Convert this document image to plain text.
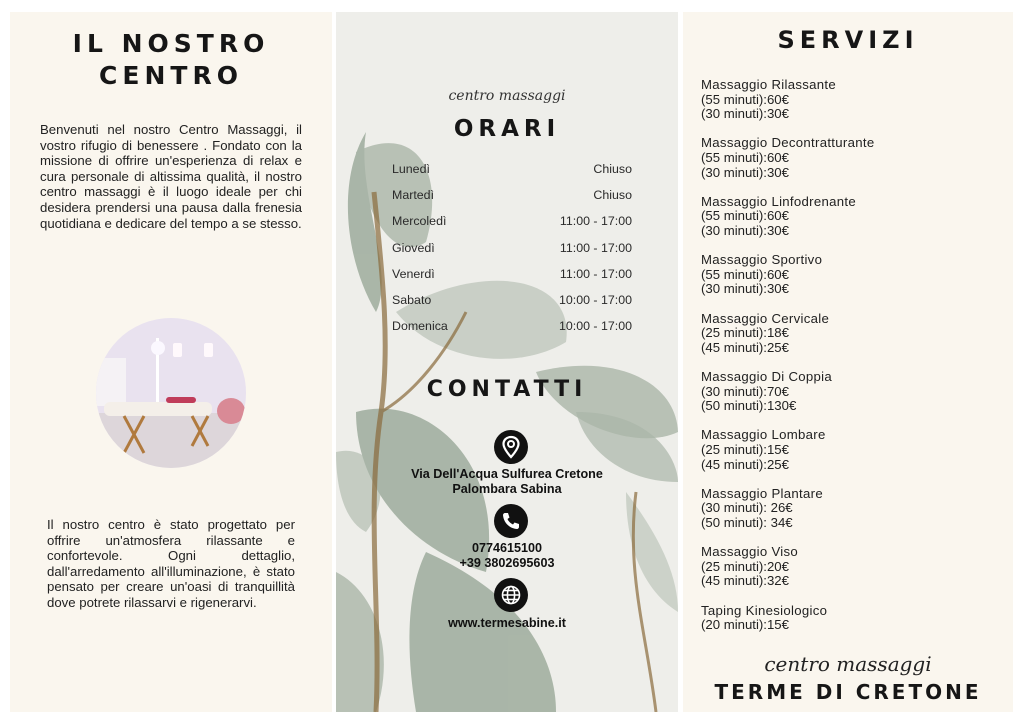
IL NOSTRO
CENTRO

Benvenuti nel nostro Centro Massaggi, il vostro rifugio di benessere . Fondato con la missione di offrire un'esperienza di relax e cura personale di altissima qualità, il nostro centro massaggi è il luogo ideale per chi desidera prendersi una pausa dalla frenesia quotidiana e dedicare del tempo a se stesso.

Il nostro centro è stato progettato per offrire un'atmosfera rilassante e confortevole. Ogni dettaglio, dall'arredamento all'illuminazione, è stato pensato per creare un'oasi di tranquillità dove potrete rilassarvi e rigenerarvi.

centro massaggi
ORARI
Lunedì	Chiuso
Martedì	Chiuso
Mercoledì	11:00 - 17:00
Giovedì	11:00 - 17:00
Venerdì	11:00 - 17:00
Sabato	10:00 - 17:00
Domenica	10:00 - 17:00
CONTATTI
Via Dell'Acqua Sulfurea Cretone
Palombara Sabina
0774615100
+39 3802695603
www.termesabine.it
SERVIZI
Massaggio Rilassante
(55 minuti):60€
(30 minuti):30€
Massaggio Decontratturante
(55 minuti):60€
(30 minuti):30€
Massaggio Linfodrenante
(55 minuti):60€
(30 minuti):30€
Massaggio Sportivo
(55 minuti):60€
(30 minuti):30€
Massaggio Cervicale
(25 minuti):18€
(45 minuti):25€
Massaggio Di Coppia
(30 minuti):70€
(50 minuti):130€
Massaggio Lombare
(25 minuti):15€
(45 minuti):25€
Massaggio Plantare
(30 minuti): 26€
(50 minuti): 34€
Massaggio Viso
(25 minuti):20€
(45 minuti):32€
Taping Kinesiologico
(20 minuti):15€
centro massaggi
TERME DI CRETONE
